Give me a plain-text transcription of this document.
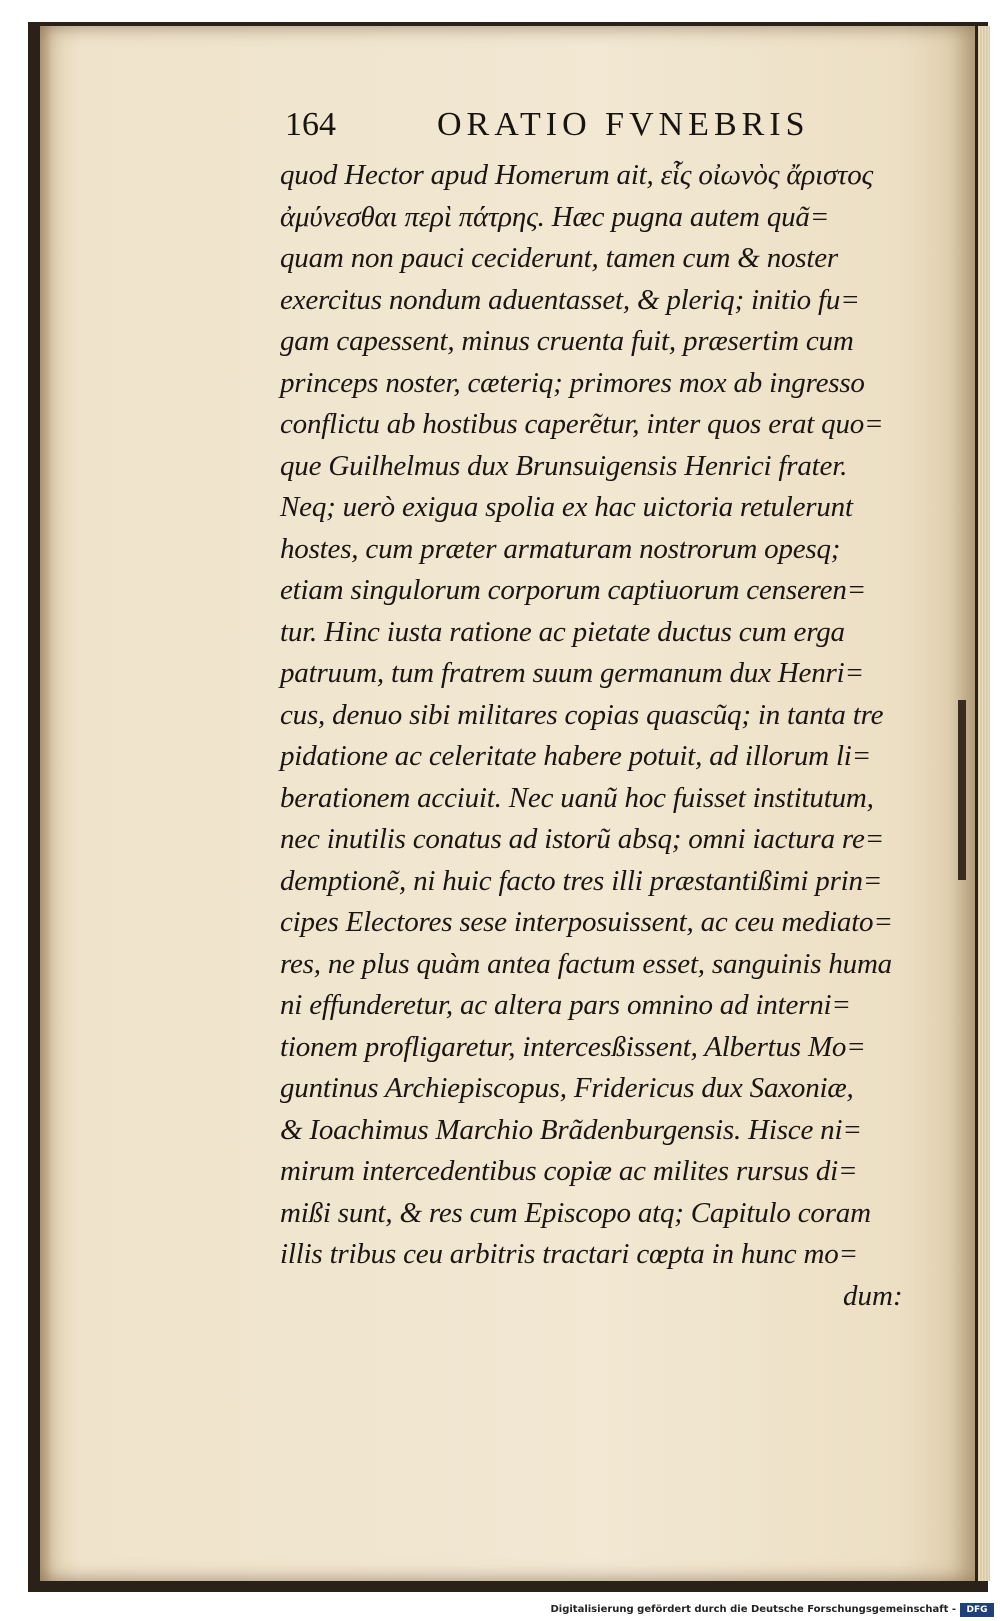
164	ORATIO FVNEBRIS
quod Hector apud Homerum ait, εἷς οἰωνὸς ἄριστος
ἀμύνεσθαι περὶ πάτρης. Hæc pugna autem quã=
quam non pauci ceciderunt, tamen cum & noster
exercitus nondum aduentasset, & pleriq; initio fu=
gam capessent, minus cruenta fuit, præsertim cum
princeps noster, cæteriq; primores mox ab ingresso
conflictu ab hostibus caperẽtur, inter quos erat quo=
que Guilhelmus dux Brunsuigensis Henrici frater.
Neq; uerò exigua spolia ex hac uictoria retulerunt
hostes, cum præter armaturam nostrorum opesq;
etiam singulorum corporum captiuorum censeren=
tur. Hinc iusta ratione ac pietate ductus cum erga
patruum, tum fratrem suum germanum dux Henri=
cus, denuo sibi militares copias quascũq; in tanta tre
pidatione ac celeritate habere potuit, ad illorum li=
berationem acciuit. Nec uanũ hoc fuisset institutum,
nec inutilis conatus ad istorũ absq; omni iactura re=
demptionẽ, ni huic facto tres illi præstantißimi prin=
cipes Electores sese interposuissent, ac ceu mediato=
res, ne plus quàm antea factum esset, sanguinis huma
ni effunderetur, ac altera pars omnino ad interni=
tionem profligaretur, intercesßissent, Albertus Mo=
guntinus Archiepiscopus, Fridericus dux Saxoniæ,
& Ioachimus Marchio Brãdenburgensis. Hisce ni=
mirum intercedentibus copiæ ac milites rursus di=
mißi sunt, & res cum Episcopo atq; Capitulo coram
illis tribus ceu arbitris tractari cœpta in hunc mo=
dum:
Digitalisierung gefördert durch die Deutsche Forschungsgemeinschaft -	DFG
